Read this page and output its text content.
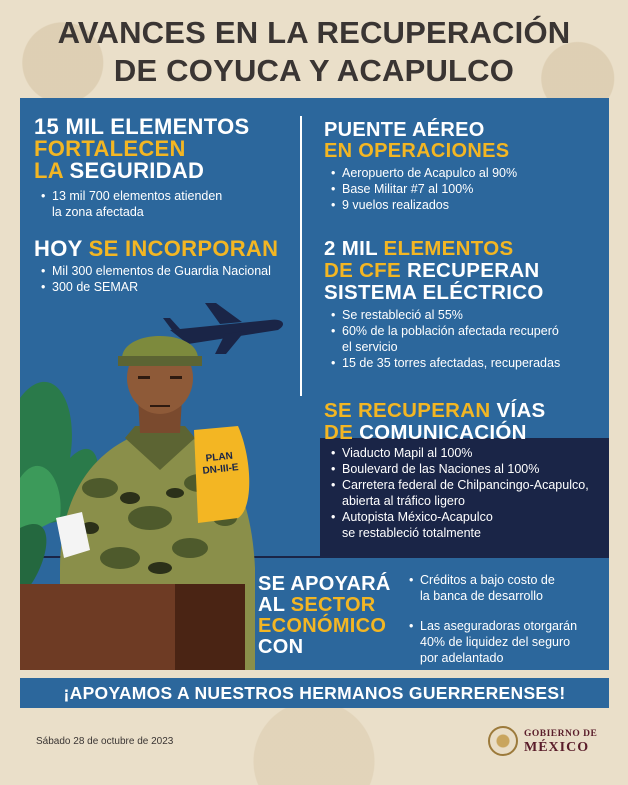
AVANCES EN LA RECUPERACIÓN
DE COYUCA Y ACAPULCO
PLAN
DN-III-E
15 MIL ELEMENTOS
FORTALECEN
LA SEGURIDAD
• 13 mil 700 elementos atienden
la zona afectada
HOY SE INCORPORAN
• Mil 300 elementos de Guardia Nacional
• 300 de SEMAR
PUENTE AÉREO
EN OPERACIONES
• Aeropuerto de Acapulco al 90%
• Base Militar #7 al 100%
• 9 vuelos realizados
2 MIL ELEMENTOS
DE CFE RECUPERAN
SISTEMA ELÉCTRICO
• Se restableció al 55%
• 60% de la población afectada recuperó
el servicio
• 15 de 35 torres afectadas, recuperadas
SE RECUPERAN VÍAS
DE COMUNICACIÓN
• Viaducto Mapil al 100%
• Boulevard de las Naciones al 100%
• Carretera federal de Chilpancingo-Acapulco,
abierta al tráfico ligero
• Autopista México-Acapulco
se restableció totalmente
SE APOYARÁ
AL SECTOR
ECONÓMICO
CON
• Créditos a bajo costo de
la banca de desarrollo
• Las aseguradoras otorgarán
40% de liquidez del seguro
por adelantado
¡APOYAMOS A NUESTROS HERMANOS GUERRERENSES!
Sábado 28 de octubre de 2023
GOBIERNO DE
MÉXICO
